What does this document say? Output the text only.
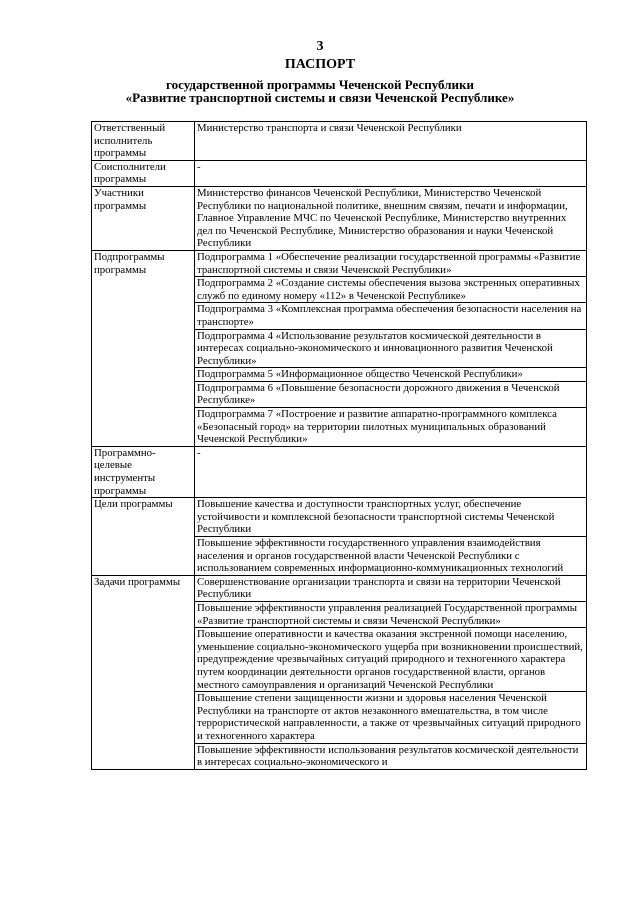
3
ПАСПОРТ
государственной программы Чеченской Республики
«Развитие транспортной системы и связи Чеченской Республике»
Ответственный исполнитель программы	Министерство транспорта и связи Чеченской Республики
Соисполнители программы	-
Участники программы	Министерство финансов Чеченской Республики, Министерство Чеченской Республики по национальной политике, внешним связям, печати и информации, Главное Управление МЧС по Чеченской Республике, Министерство внутренних дел по Чеченской Республике, Министерство образования и науки Чеченской Республики
Подпрограммы программы	Подпрограмма 1 «Обеспечение реализации государственной программы «Развитие транспортной системы и связи Чеченской Республики»
	Подпрограмма 2 «Создание системы обеспечения вызова экстренных оперативных служб по единому номеру «112» в Чеченской Республике»
	Подпрограмма 3 «Комплексная программа обеспечения безопасности населения на транспорте»
	Подпрограмма 4 «Использование результатов космической деятельности в интересах социально-экономического и инновационного развития Чеченской Республики»
	Подпрограмма 5 «Информационное общество Чеченской Республики»
	Подпрограмма 6 «Повышение безопасности дорожного движения в Чеченской Республике»
	Подпрограмма 7 «Построение и развитие аппаратно-программного комплекса «Безопасный город» на территории пилотных муниципальных образований Чеченской Республики»
Программно-целевые инструменты программы	-
Цели программы	Повышение качества и доступности транспортных услуг, обеспечение устойчивости и комплексной безопасности транспортной системы Чеченской Республики
	Повышение эффективности государственного управления взаимодействия населения и органов государственной власти Чеченской Республики с использованием современных информационно-коммуникационных технологий
Задачи программы	Совершенствование организации транспорта и связи на территории Чеченской Республики
	Повышение эффективности управления реализацией Государственной программы «Развитие транспортной системы и связи Чеченской Республики»
	Повышение оперативности и качества оказания экстренной помощи населению, уменьшение социально-экономического ущерба при возникновении происшествий, предупреждение чрезвычайных ситуаций природного и техногенного характера путем координации деятельности органов государственной власти, органов местного самоуправления и организаций Чеченской Республики
	Повышение степени защищенности жизни и здоровья населения Чеченской Республики на транспорте от актов незаконного вмешательства, в том числе террористической направленности, а также от чрезвычайных ситуаций природного и техногенного характера
	Повышение эффективности использования результатов космической деятельности в интересах социально-экономического и
